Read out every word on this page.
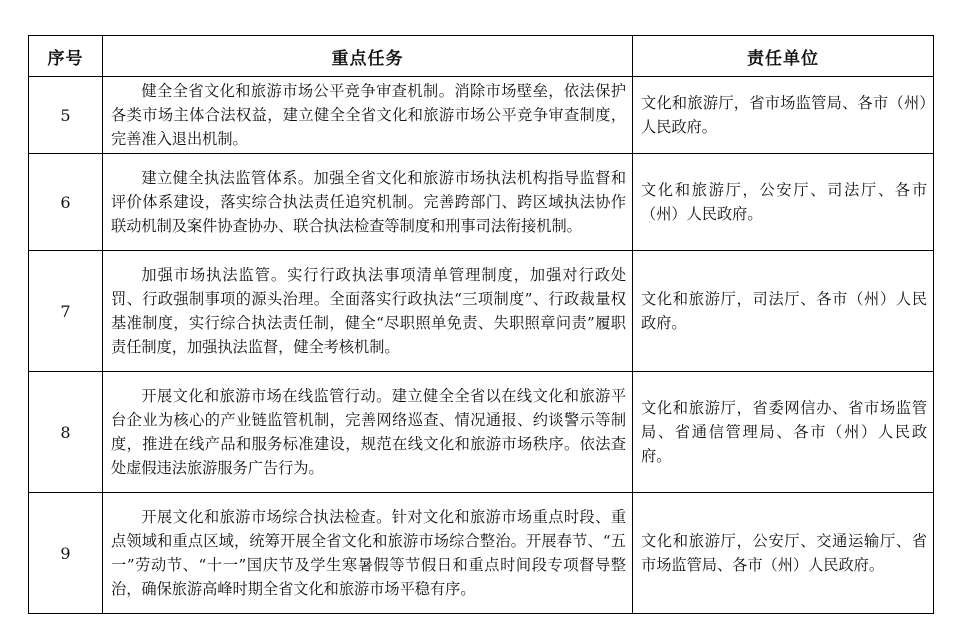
序号	重点任务	责任单位
5	健全全省文化和旅游市场公平竞争审查机制。消除市场壁垒，依法保护各类市场主体合法权益，建立健全全省文化和旅游市场公平竞争审查制度，完善准入退出机制。	文化和旅游厅，省市场监管局、各市（州）人民政府。
6	建立健全执法监管体系。加强全省文化和旅游市场执法机构指导监督和评价体系建设，落实综合执法责任追究机制。完善跨部门、跨区域执法协作联动机制及案件协查协办、联合执法检查等制度和刑事司法衔接机制。	文化和旅游厅，公安厅、司法厅、各市（州）人民政府。
7	加强市场执法监管。实行行政执法事项清单管理制度，加强对行政处罚、行政强制事项的源头治理。全面落实行政执法“三项制度”、行政裁量权基准制度，实行综合执法责任制，健全“尽职照单免责、失职照章问责”履职责任制度，加强执法监督，健全考核机制。	文化和旅游厅，司法厅、各市（州）人民政府。
8	开展文化和旅游市场在线监管行动。建立健全全省以在线文化和旅游平台企业为核心的产业链监管机制，完善网络巡查、情况通报、约谈警示等制度，推进在线产品和服务标准建设，规范在线文化和旅游市场秩序。依法查处虚假违法旅游服务广告行为。	文化和旅游厅，省委网信办、省市场监管局、省通信管理局、各市（州）人民政府。
9	开展文化和旅游市场综合执法检查。针对文化和旅游市场重点时段、重点领域和重点区域，统筹开展全省文化和旅游市场综合整治。开展春节、“五一”劳动节、“十一”国庆节及学生寒暑假等节假日和重点时间段专项督导整治，确保旅游高峰时期全省文化和旅游市场平稳有序。	文化和旅游厅，公安厅、交通运输厅、省市场监管局、各市（州）人民政府。
